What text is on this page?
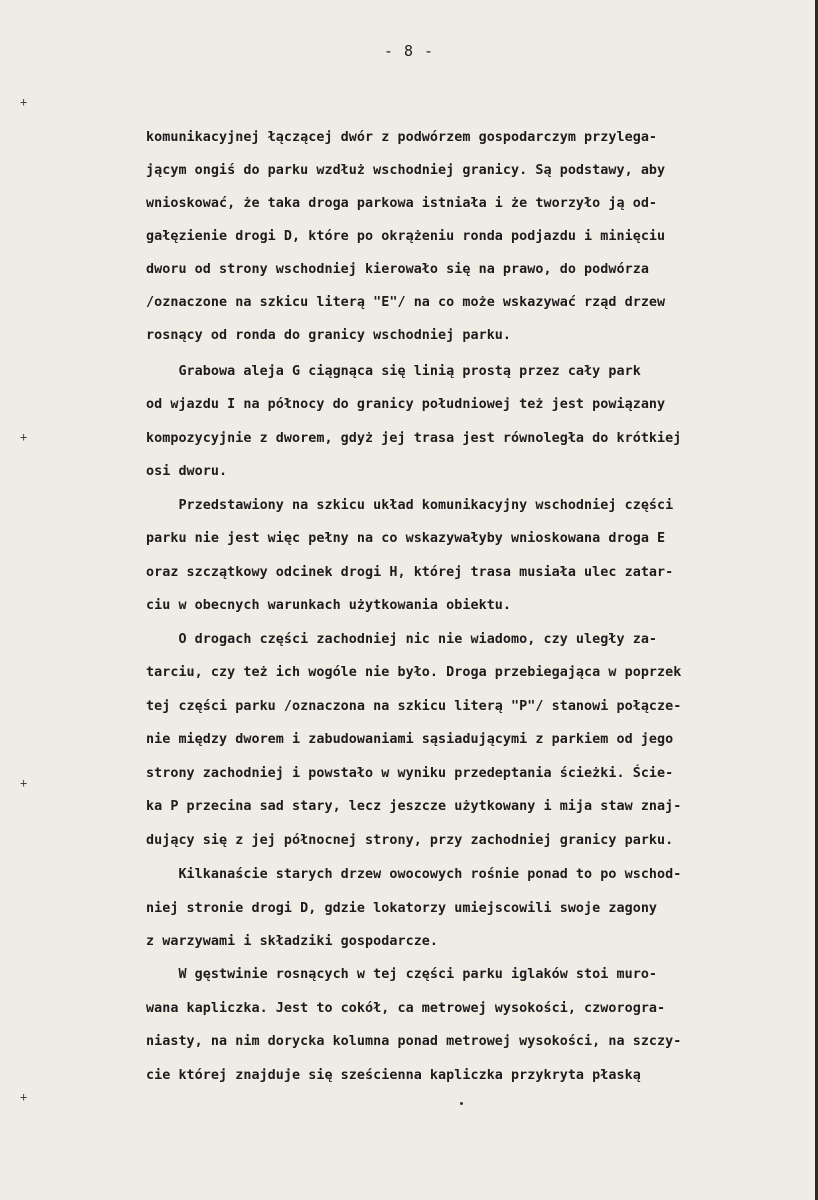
- 8 -
+
+
+
+
komunikacyjnej łączącej dwór z podwórzem gospodarczym przylega-
jącym ongiś do parku wzdłuż wschodniej granicy. Są podstawy, aby
wnioskować, że taka droga parkowa istniała i że tworzyło ją od-
gałęzienie drogi D, które po okrążeniu ronda podjazdu i minięciu
dworu od strony wschodniej kierowało się na prawo, do podwórza
/oznaczone na szkicu literą "E"/ na co może wskazywać rząd drzew
rosnący od ronda do granicy wschodniej parku.
Grabowa aleja G ciągnąca się linią prostą przez cały park
od wjazdu I na północy do granicy południowej też jest powiązany
kompozycyjnie z dworem, gdyż jej trasa jest równoległa do krótkiej
osi dworu.
Przedstawiony na szkicu układ komunikacyjny wschodniej części
parku nie jest więc pełny na co wskazywałyby wnioskowana droga E
oraz szczątkowy odcinek drogi H, której trasa musiała ulec zatar-
ciu w obecnych warunkach użytkowania obiektu.
O drogach części zachodniej nic nie wiadomo, czy uległy za-
tarciu, czy też ich wogóle nie było. Droga przebiegająca w poprzek
tej części parku /oznaczona na szkicu literą "P"/ stanowi połącze-
nie między dworem i zabudowaniami sąsiadującymi z parkiem od jego
strony zachodniej i powstało w wyniku przedeptania ścieżki. Ście-
ka P przecina sad stary, lecz jeszcze użytkowany i mija staw znaj-
dujący się z jej północnej strony, przy zachodniej granicy parku.
Kilkanaście starych drzew owocowych rośnie ponad to po wschod-
niej stronie drogi D, gdzie lokatorzy umiejscowili swoje zagony
z warzywami i składziki gospodarcze.
W gęstwinie rosnących w tej części parku iglaków stoi muro-
wana kapliczka. Jest to cokół, ca metrowej wysokości, czworogra-
niasty, na nim dorycka kolumna ponad metrowej wysokości, na szczy-
cie której znajduje się sześcienna kapliczka przykryta płaską
